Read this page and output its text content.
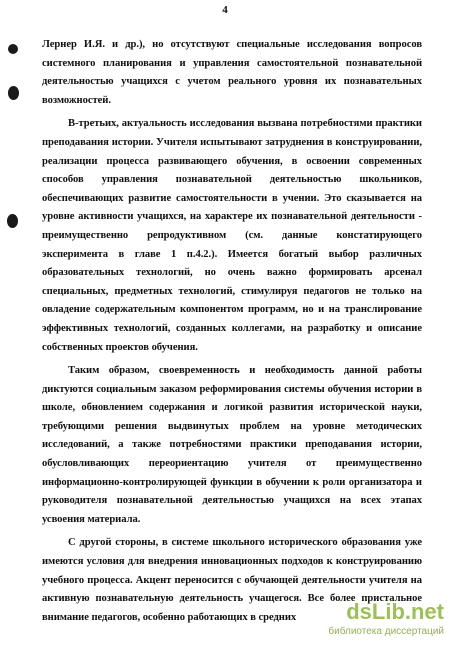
4

Лернер И.Я. и др.), но отсутствуют специальные исследования вопросов системного планирования и управления самостоятельной познавательной деятельностью учащихся с учетом реального уровня их познавательных возможностей.

В-третьих, актуальность исследования вызвана потребностями практики преподавания истории. Учителя испытывают затруднения в конструировании, реализации процесса развивающего обучения, в освоении современных способов управления познавательной деятельностью школьников, обеспечивающих развитие самостоятельности в учении. Это сказывается на уровне активности учащихся, на характере их познавательной деятельности - преимущественно репродуктивном (см. данные констатирующего эксперимента в главе 1 п.4.2.). Имеется богатый выбор различных образовательных технологий, но очень важно формировать арсенал специальных, предметных технологий, стимулируя педагогов не только на овладение содержательным компонентом программ, но и на транслирование эффективных технологий, созданных коллегами, на разработку и описание собственных проектов обучения.

Таким образом, своевременность и необходимость данной работы диктуются социальным заказом реформирования системы обучения истории в школе, обновлением содержания и логикой развития исторической науки, требующими решения выдвинутых проблем на уровне методических исследований, а также потребностями практики преподавания истории, обусловливающих переориентацию учителя от преимущественно информационно-контролирующей функции в обучении к роли организатора и руководителя познавательной деятельностью учащихся на всех этапах усвоения материала.

С другой стороны, в системе школьного исторического образования уже имеются условия для внедрения инновационных подходов к конструированию учебного процесса. Акцент переносится с обучающей деятельности учителя на активную познавательную деятельность учащегося. Все более пристальное внимание педагогов, особенно работающих в средних	dsLib.net
библиотека диссертаций
